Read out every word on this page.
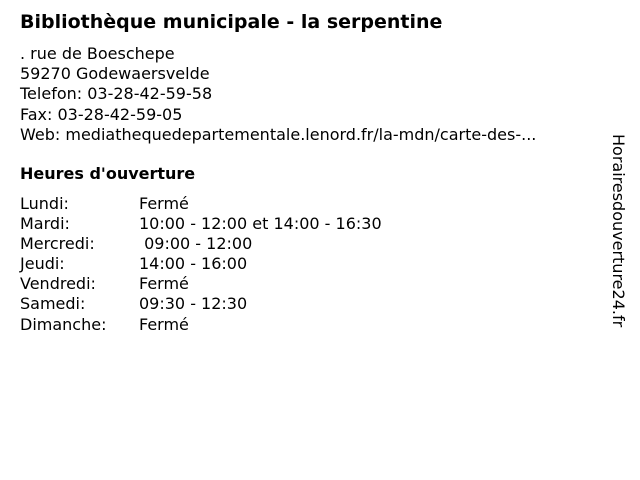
Bibliothèque municipale - la serpentine
. rue de Boeschepe
59270 Godewaersvelde
Telefon: 03-28-42-59-58
Fax: 03-28-42-59-05
Web: mediathequedepartementale.lenord.fr/la-mdn/carte-des-...
Heures d'ouverture
Lundi:	Fermé
Mardi:	10:00 - 12:00 et 14:00 - 16:30
Mercredi:	09:00 - 12:00
Jeudi:	14:00 - 16:00
Vendredi:	Fermé
Samedi:	09:30 - 12:30
Dimanche:	Fermé	Horairesdouverture24.fr
